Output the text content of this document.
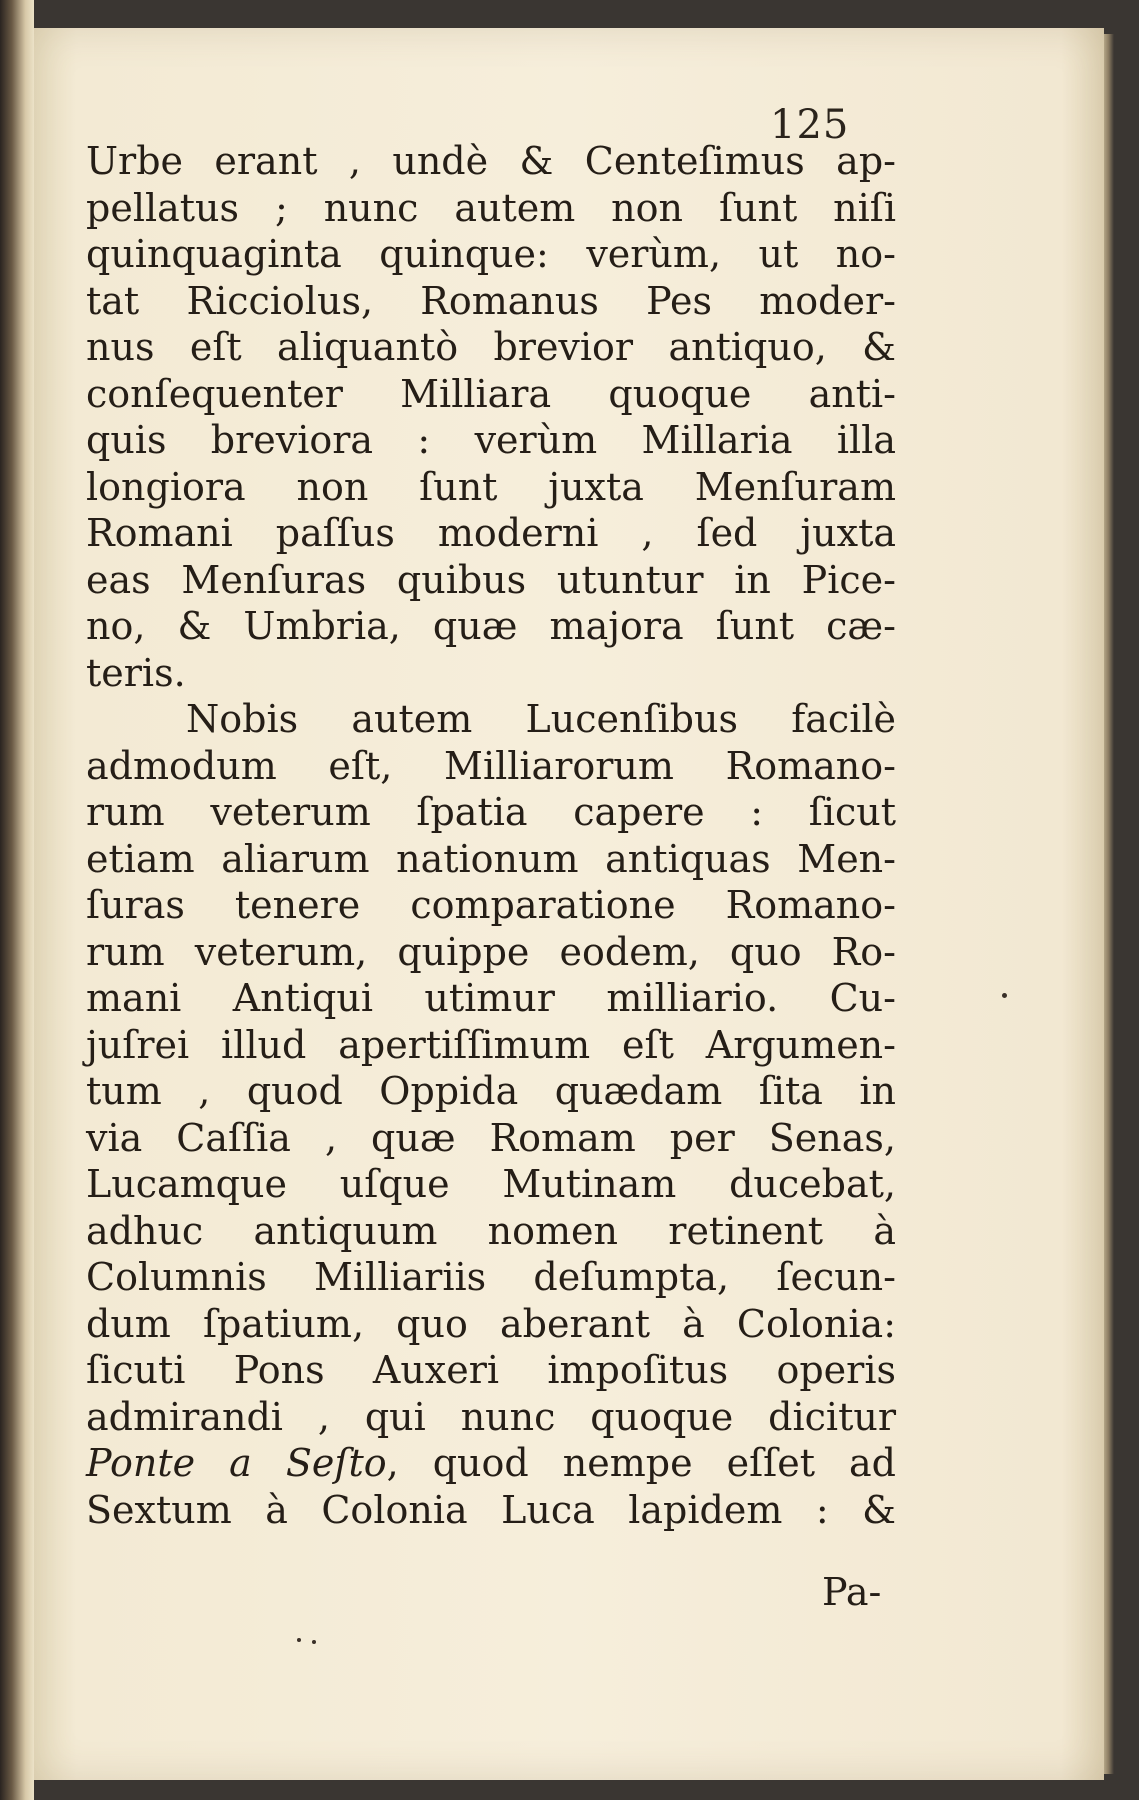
125
Urbe erant , undè & Centeſimus ap-
pellatus ; nunc autem non ſunt niſi
quinquaginta quinque: verùm, ut no-
tat Ricciolus, Romanus Pes moder-
nus eſt aliquantò brevior antiquo, &
conſequenter Milliara quoque anti-
quis breviora : verùm Millaria illa
longiora non ſunt juxta Menſuram
Romani paſſus moderni , ſed juxta
eas Menſuras quibus utuntur in Pice-
no, & Umbria, quæ majora ſunt cæ-
teris.
Nobis autem Lucenſibus facilè
admodum eſt, Milliarorum Romano-
rum veterum ſpatia capere : ſicut
etiam aliarum nationum antiquas Men-
ſuras tenere comparatione Romano-
rum veterum, quippe eodem, quo Ro-
mani Antiqui utimur milliario. Cu-
juſrei illud apertiſſimum eſt Argumen-
tum , quod Oppida quædam ſita in
via Caſſia , quæ Romam per Senas,
Lucamque uſque Mutinam ducebat,
adhuc antiquum nomen retinent à
Columnis Milliariis deſumpta, ſecun-
dum ſpatium, quo aberant à Colonia:
ſicuti Pons Auxeri impoſitus operis
admirandi , qui nunc quoque dicitur
Ponte a Seſto, quod nempe eſſet ad
Sextum à Colonia Luca lapidem : &
Pa-
